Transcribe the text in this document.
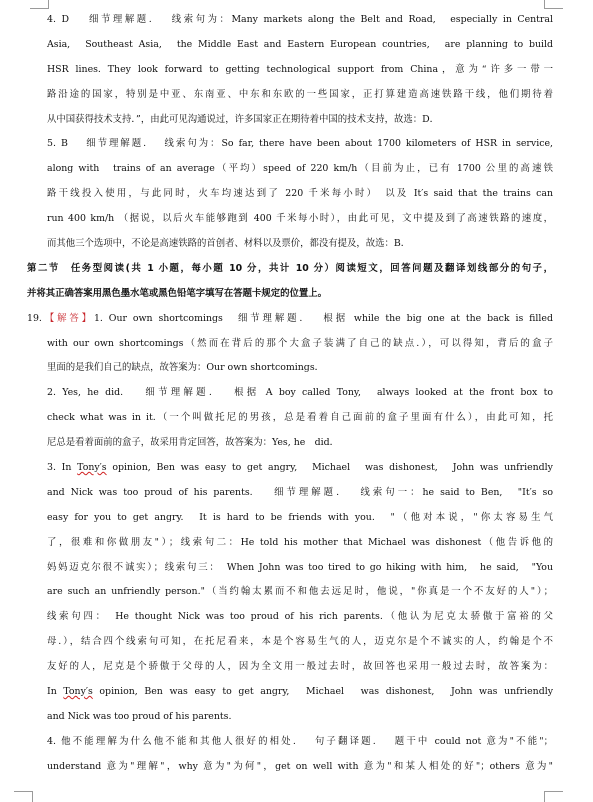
4. D　 细节理解题.　 线索句为：Many markets along the Belt and Road,　especially in Central
Asia,　Southeast Asia,　the Middle East and Eastern European countries,　are planning to build
HSR lines. They look forward to getting technological support from China，意为“许多一带一
路沿途的国家，特别是中亚、东南亚、中东和东欧的一些国家，正打算建造高速铁路干线，他们期待着
从中国获得技术支持．”，由此可见沟通说过，许多国家正在期待着中国的技术支持，故选：D．
5. B　 细节理解题.　 线索句为：So far, there have been about 1700 kilometers of HSR in service,
along with　trains of an average（平均）speed of 220 km/h（目前为止，已有 1700 公里的高速铁
路干线投入使用，与此同时，火车均速达到了 220 千米每小时）　以及 It′s said that the trains can
run 400 km/h （据说，以后火车能够跑到 400 千米每小时），由此可见，文中提及到了高速铁路的速度，
而其他三个选项中，不论是高速铁路的首创者、材料以及票价，都没有提及，故选：B．
第二节　任务型阅读(共 1 小题，每小题 10 分，共计 10 分）阅读短文，回答问题及翻译划线部分的句子，
并将其正确答案用黑色墨水笔或黑色铅笔字填写在答题卡规定的位置上。
19.【解答】1. Our own shortcomings　细节理解题.　 根据 while the big one at the back is filled
with our own shortcomings（然而在背后的那个大盒子装满了自己的缺点.），可以得知，背后的盒子
里面的是我们自己的缺点，故答案为：Our own shortcomings．
2. Yes, he did.　 细节理解题.　 根据 A boy called Tony,　always looked at the front box to
check what was in it.（一个叫做托尼的男孩，总是看着自己面前的盒子里面有什么），由此可知，托
尼总是看着面前的盒子，故采用肯定回答，故答案为：Yes, he　did．
3. In Tony′s opinion, Ben was easy to get angry,　Michael　was dishonest,　John was unfriendly
and Nick was too proud of his parents.　 细节理解题.　 线索句一：he said to Ben,　"It′s so
easy for you to get angry.　It is hard to be friends with you.　"（他对本说，"你太容易生气
了，很难和你做朋友"）；线索句二：He told his mother that Michael was dishonest（他告诉他的
妈妈迈克尔很不诚实）；线索句三：　When John was too tired to go hiking with him,　he said,　"You
are such an unfriendly person."（当约翰太累而不和他去远足时，他说，"你真是一个不友好的人"）；
线索句四：　He thought Nick was too proud of his rich parents.（他认为尼克太骄傲于富裕的父
母.），结合四个线索句可知，在托尼看来，本是个容易生气的人，迈克尔是个不诚实的人，约翰是个不
友好的人，尼克是个骄傲于父母的人，因为全文用一般过去时，故回答也采用一般过去时，故答案为：
In Tony′s opinion, Ben was easy to get angry,　Michael　was dishonest,　John was unfriendly
and Nick was too proud of his parents.
4. 他不能理解为什么他不能和其他人很好的相处.　 句子翻译题.　 题干中 could not 意为"不能"；
understand 意为"理解"，why 意为"为何"，get on well with 意为"和某人相处的好"；others 意为"
